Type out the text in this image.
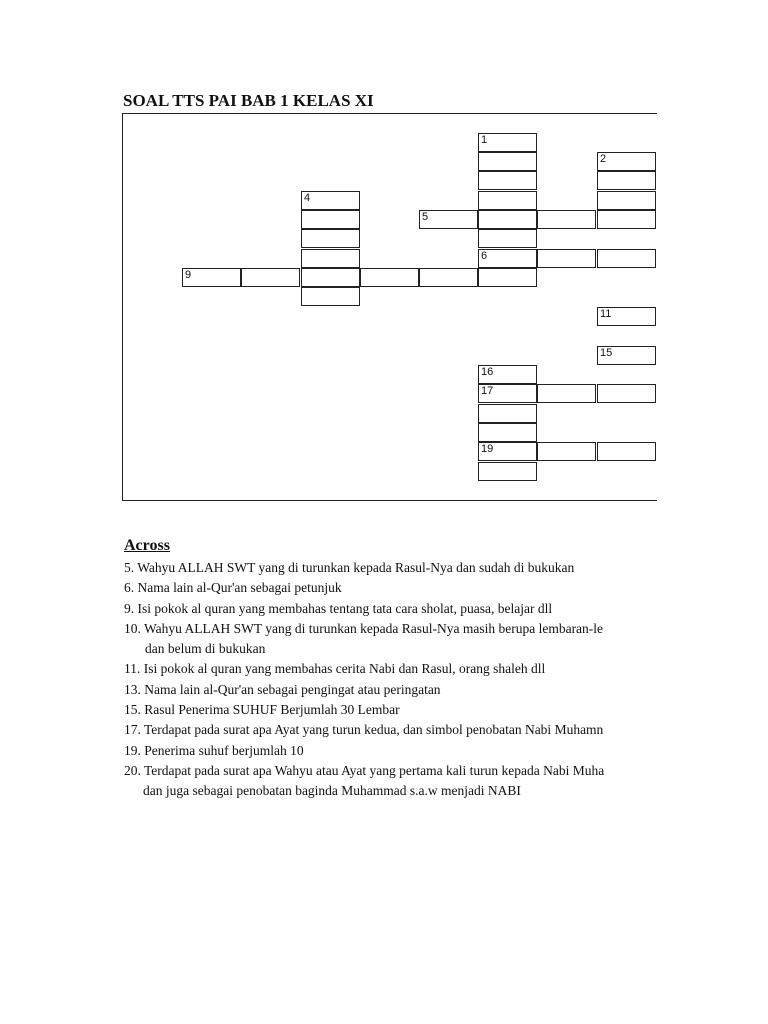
SOAL TTS PAI BAB 1 KELAS XI
1
6
2
4
5
9
11
15
16
17
19
Across
5. Wahyu ALLAH SWT yang di turunkan kepada Rasul-Nya dan sudah di bukukan
6. Nama lain al-Qur'an sebagai petunjuk
9. Isi pokok al quran yang membahas tentang tata cara sholat, puasa, belajar dll
10. Wahyu ALLAH SWT yang di turunkan kepada Rasul-Nya masih berupa lembaran-le
dan belum di bukukan
11. Isi pokok al quran yang membahas cerita Nabi dan Rasul, orang shaleh dll
13. Nama lain al-Qur'an sebagai pengingat atau peringatan
15. Rasul Penerima SUHUF Berjumlah 30 Lembar
17. Terdapat pada surat apa Ayat yang turun kedua, dan simbol penobatan Nabi Muhamn
19. Penerima suhuf berjumlah 10
20. Terdapat pada surat apa Wahyu atau Ayat yang pertama kali turun kepada Nabi Muha
dan juga sebagai penobatan baginda Muhammad s.a.w menjadi NABI
